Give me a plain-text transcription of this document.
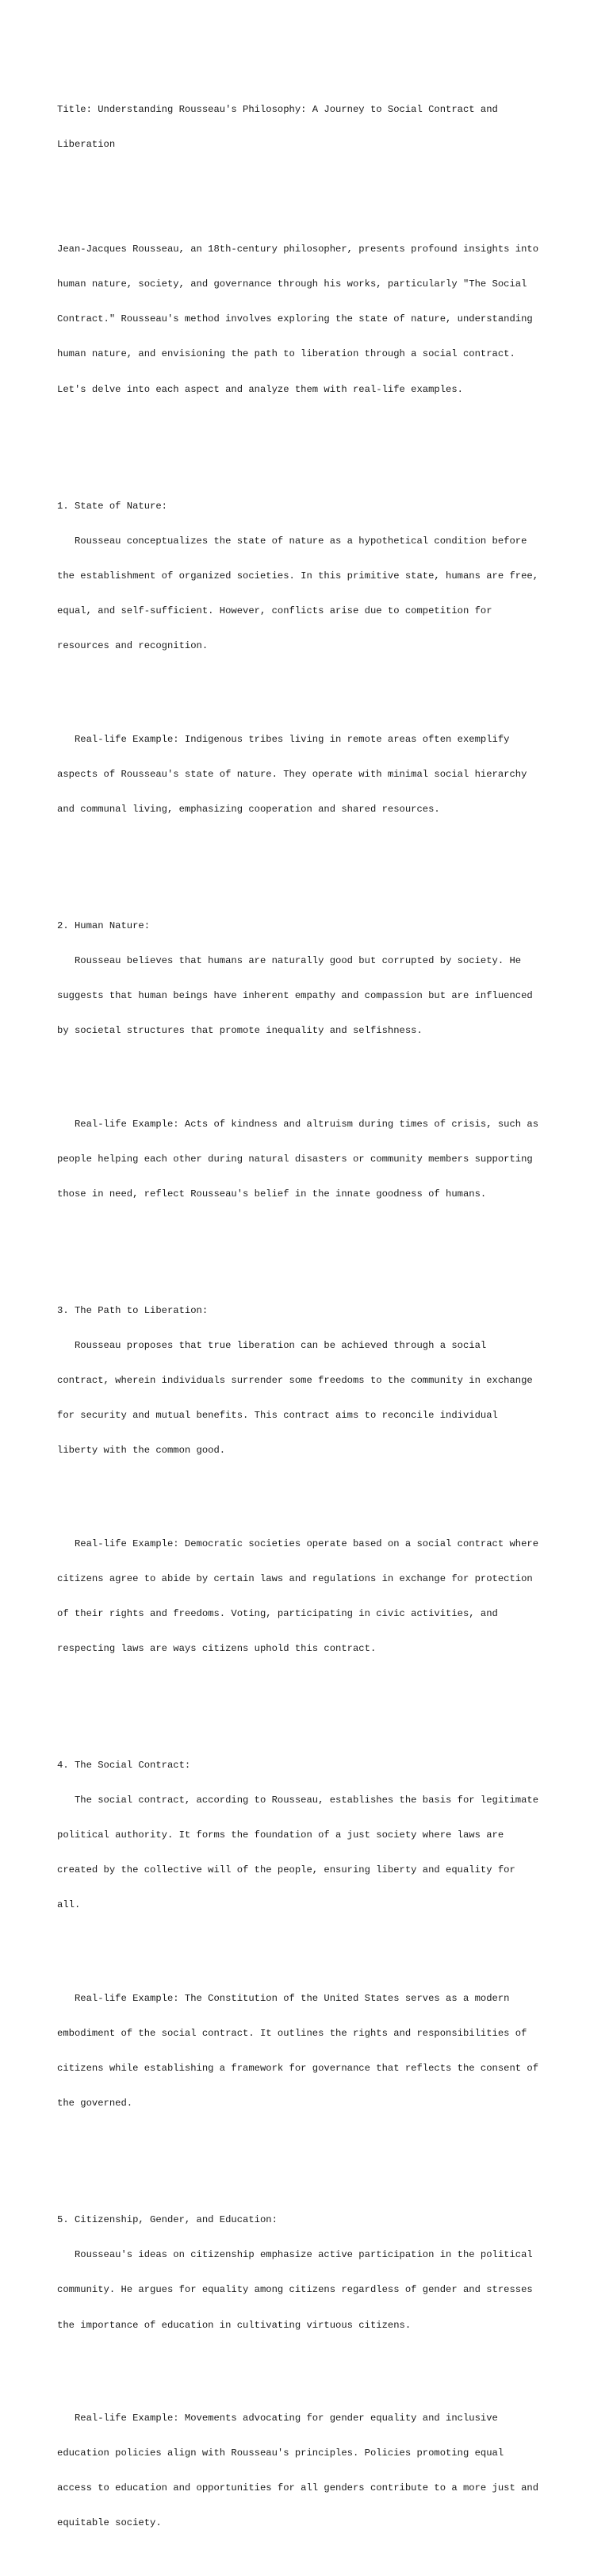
Title: Understanding Rousseau's Philosophy: A Journey to Social Contract and

Liberation

Jean-Jacques Rousseau, an 18th-century philosopher, presents profound insights into

human nature, society, and governance through his works, particularly "The Social

Contract." Rousseau's method involves exploring the state of nature, understanding

human nature, and envisioning the path to liberation through a social contract.

Let's delve into each aspect and analyze them with real-life examples.

1. State of Nature:

Rousseau conceptualizes the state of nature as a hypothetical condition before

the establishment of organized societies. In this primitive state, humans are free,

equal, and self-sufficient. However, conflicts arise due to competition for

resources and recognition.

Real-life Example: Indigenous tribes living in remote areas often exemplify

aspects of Rousseau's state of nature. They operate with minimal social hierarchy

and communal living, emphasizing cooperation and shared resources.

2. Human Nature:

Rousseau believes that humans are naturally good but corrupted by society. He

suggests that human beings have inherent empathy and compassion but are influenced

by societal structures that promote inequality and selfishness.

Real-life Example: Acts of kindness and altruism during times of crisis, such as

people helping each other during natural disasters or community members supporting

those in need, reflect Rousseau's belief in the innate goodness of humans.

3. The Path to Liberation:

Rousseau proposes that true liberation can be achieved through a social

contract, wherein individuals surrender some freedoms to the community in exchange

for security and mutual benefits. This contract aims to reconcile individual

liberty with the common good.

Real-life Example: Democratic societies operate based on a social contract where

citizens agree to abide by certain laws and regulations in exchange for protection

of their rights and freedoms. Voting, participating in civic activities, and

respecting laws are ways citizens uphold this contract.

4. The Social Contract:

The social contract, according to Rousseau, establishes the basis for legitimate

political authority. It forms the foundation of a just society where laws are

created by the collective will of the people, ensuring liberty and equality for

all.

Real-life Example: The Constitution of the United States serves as a modern

embodiment of the social contract. It outlines the rights and responsibilities of

citizens while establishing a framework for governance that reflects the consent of

the governed.

5. Citizenship, Gender, and Education:

Rousseau's ideas on citizenship emphasize active participation in the political

community. He argues for equality among citizens regardless of gender and stresses

the importance of education in cultivating virtuous citizens.

Real-life Example: Movements advocating for gender equality and inclusive

education policies align with Rousseau's principles. Policies promoting equal

access to education and opportunities for all genders contribute to a more just and

equitable society.
